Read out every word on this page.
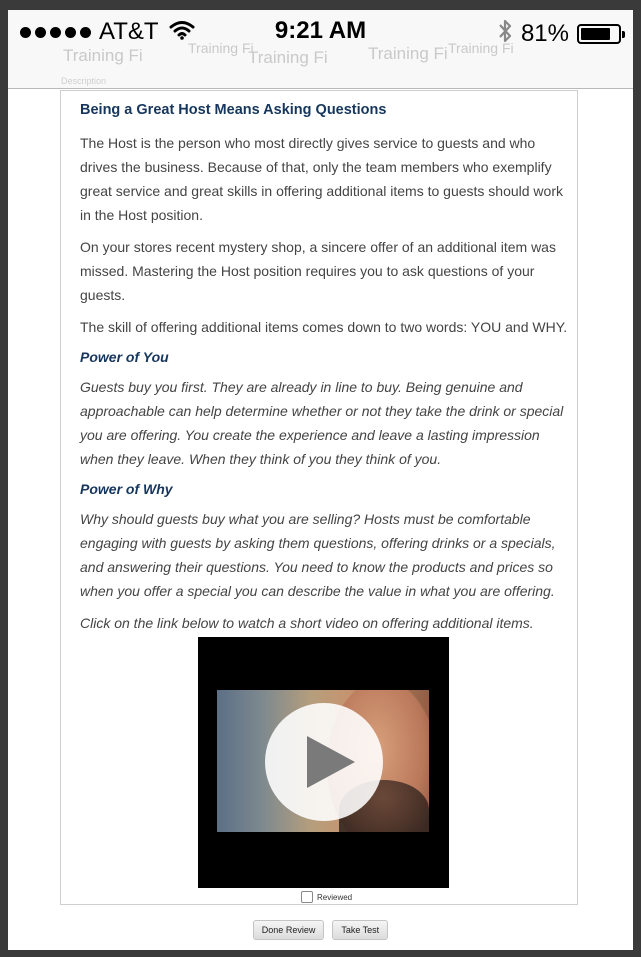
Training Fi	Training Fi
Training Fi Training Fi Training Fi
Description
AT&T	9:21 AM	81%
Being a Great Host Means Asking Questions

The Host is the person who most directly gives service to guests and who drives the business. Because of that, only the team members who exemplify great service and great skills in offering additional items to guests should work in the Host position.

On your stores recent mystery shop, a sincere offer of an additional item was missed. Mastering the Host position requires you to ask questions of your guests.

The skill of offering additional items comes down to two words: YOU and WHY.

Power of You

Guests buy you first. They are already in line to buy. Being genuine and approachable can help determine whether or not they take the drink or special you are offering. You create the experience and leave a lasting impression when they leave. When they think of you they think of you.

Power of Why

Why should guests buy what you are selling? Hosts must be comfortable engaging with guests by asking them questions, offering drinks or a specials, and answering their questions. You need to know the products and prices so when you offer a special you can describe the value in what you are offering.

Click on the link below to watch a short video on offering additional items.

Reviewed
Done Review	Take Test
